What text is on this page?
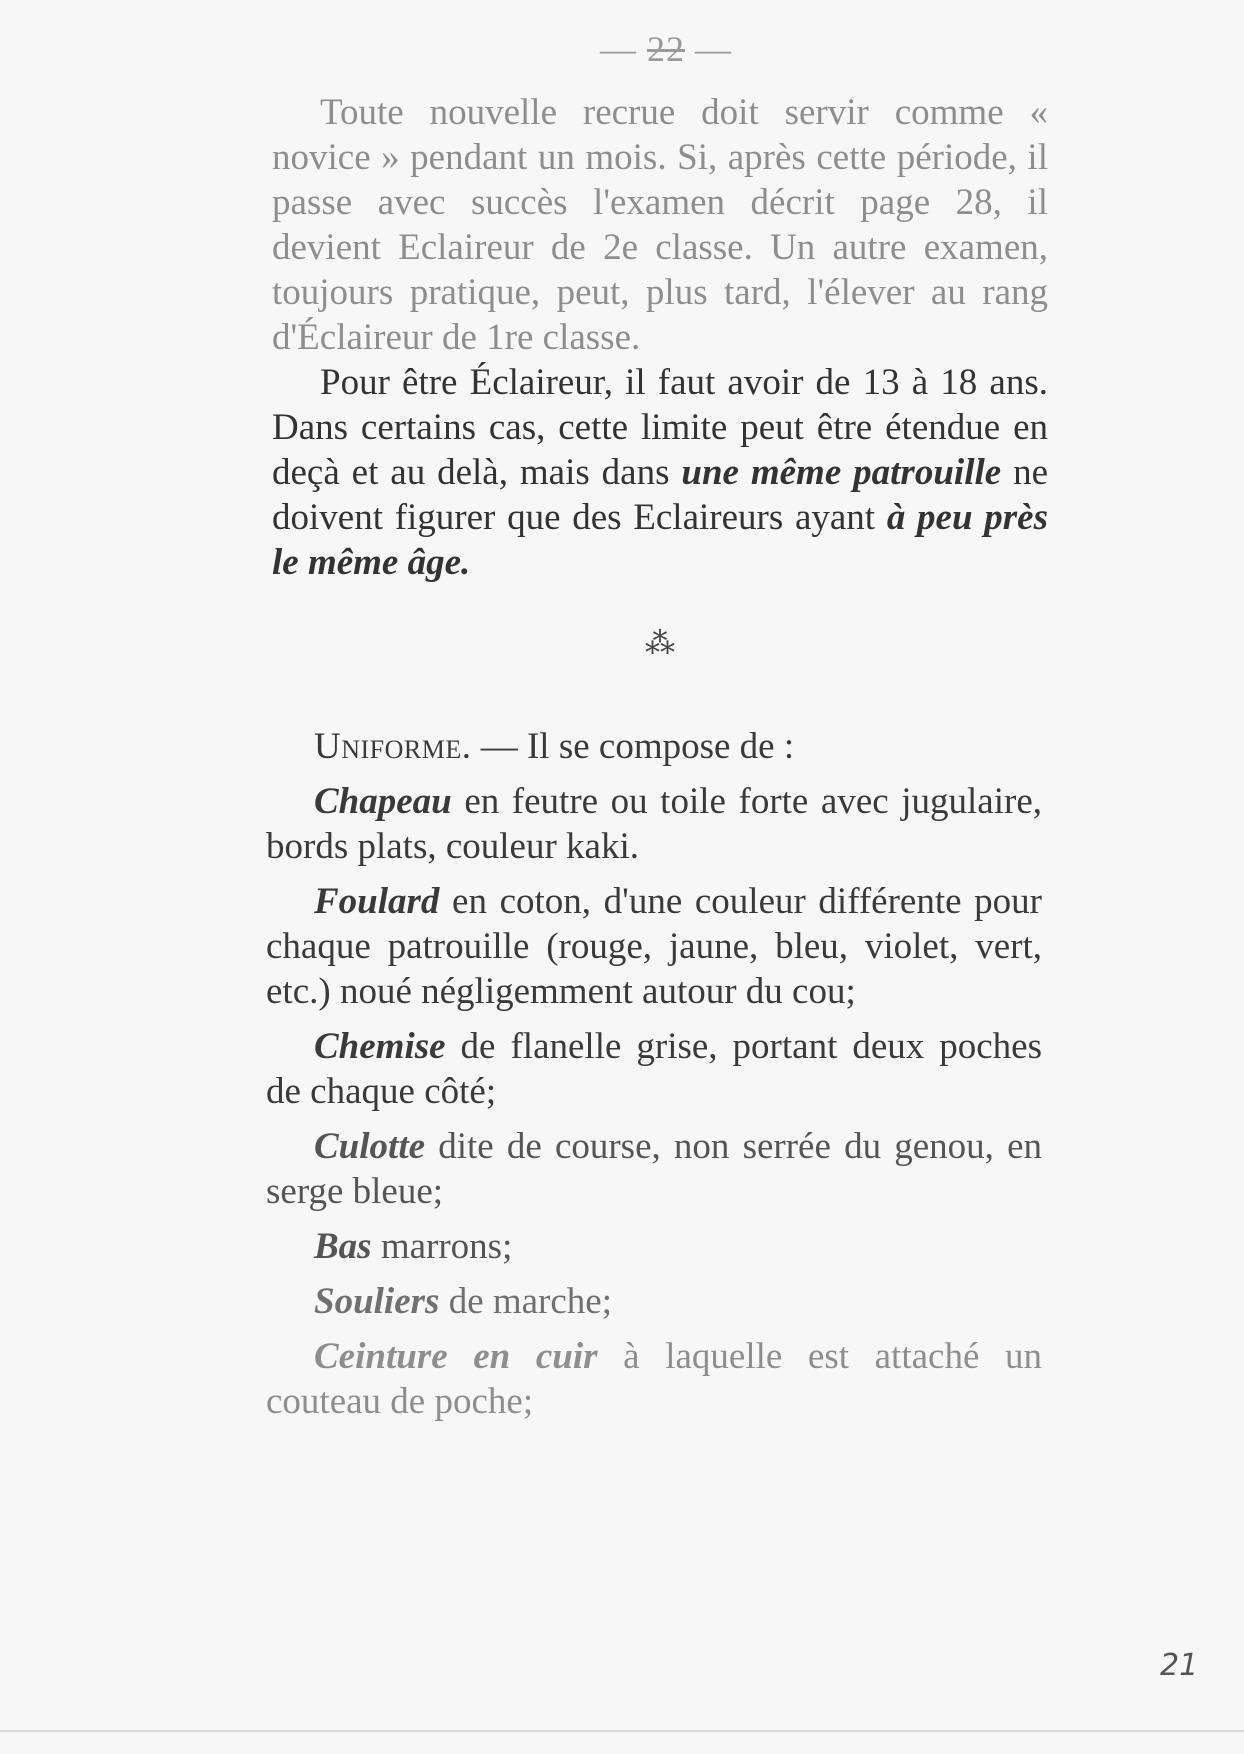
— 22 —

Toute nouvelle recrue doit servir comme « novice » pendant un mois. Si, après cette période, il passe avec succès l'examen décrit page 28, il devient Eclaireur de 2e classe. Un autre examen, toujours pratique, peut, plus tard, l'élever au rang d'Éclaireur de 1re classe.

Pour être Éclaireur, il faut avoir de 13 à 18 ans. Dans certains cas, cette limite peut être étendue en deçà et au delà, mais dans une même patrouille ne doivent figurer que des Eclaireurs ayant à peu près le même âge.

⁂

Uniforme. — Il se compose de :

Chapeau en feutre ou toile forte avec jugulaire, bords plats, couleur kaki.

Foulard en coton, d'une couleur différente pour chaque patrouille (rouge, jaune, bleu, violet, vert, etc.) noué négligemment autour du cou;

Chemise de flanelle grise, portant deux poches de chaque côté;

Culotte dite de course, non serrée du genou, en serge bleue;

Bas marrons;

Souliers de marche;

Ceinture en cuir à laquelle est attaché un couteau de poche;

21
